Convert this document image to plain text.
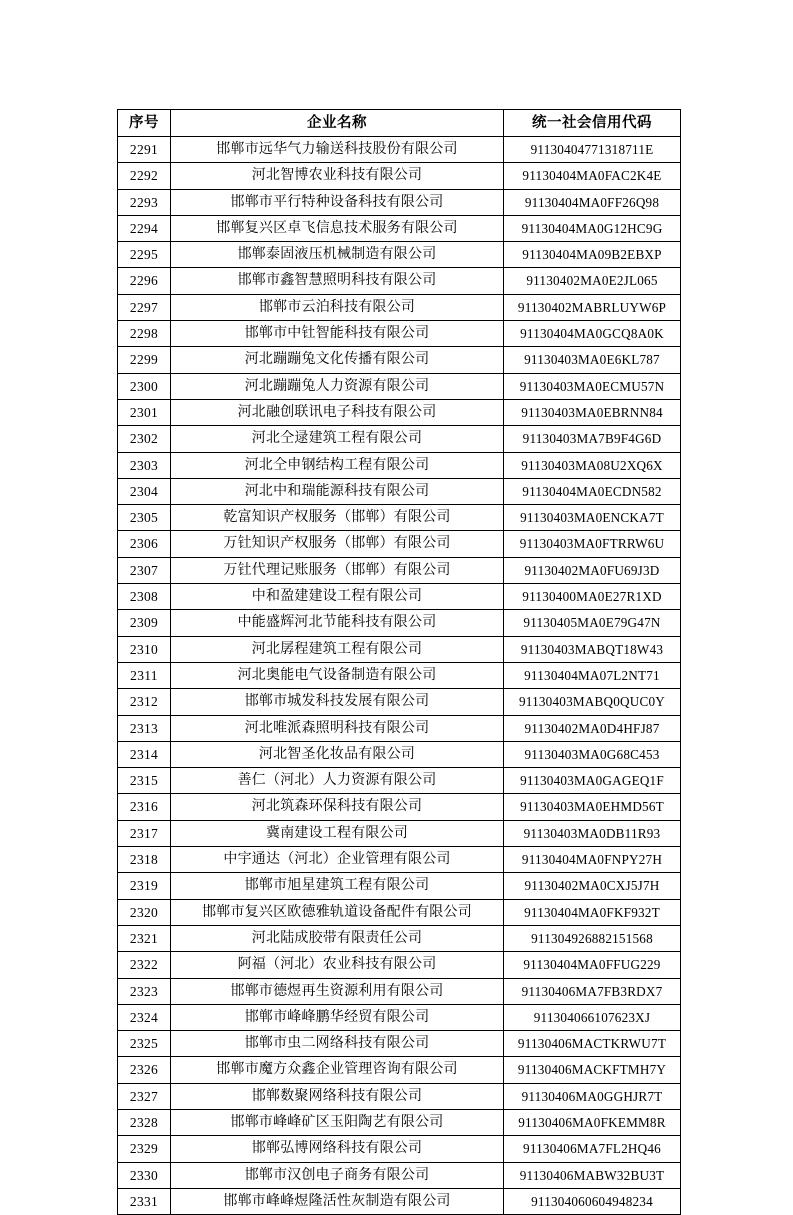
序号	企业名称	统一社会信用代码
2291	邯郸市远华气力输送科技股份有限公司	91130404771318711E
2292	河北智博农业科技有限公司	91130404MA0FAC2K4E
2293	邯郸市平行特种设备科技有限公司	91130404MA0FF26Q98
2294	邯郸复兴区卓飞信息技术服务有限公司	91130404MA0G12HC9G
2295	邯郸泰固液压机械制造有限公司	91130404MA09B2EBXP
2296	邯郸市鑫智慧照明科技有限公司	91130402MA0E2JL065
2297	邯郸市云泊科技有限公司	91130402MABRLUYW6P
2298	邯郸市中钍智能科技有限公司	91130404MA0GCQ8A0K
2299	河北蹦蹦兔文化传播有限公司	91130403MA0E6KL787
2300	河北蹦蹦兔人力资源有限公司	91130403MA0ECMU57N
2301	河北融创联讯电子科技有限公司	91130403MA0EBRNN84
2302	河北仝逯建筑工程有限公司	91130403MA7B9F4G6D
2303	河北仝申钢结构工程有限公司	91130403MA08U2XQ6X
2304	河北中和瑞能源科技有限公司	91130404MA0ECDN582
2305	乾富知识产权服务（邯郸）有限公司	91130403MA0ENCKA7T
2306	万钍知识产权服务（邯郸）有限公司	91130403MA0FTRRW6U
2307	万钍代理记账服务（邯郸）有限公司	91130402MA0FU69J3D
2308	中和盈建建设工程有限公司	91130400MA0E27R1XD
2309	中能盛辉河北节能科技有限公司	91130405MA0E79G47N
2310	河北孱程建筑工程有限公司	91130403MABQT18W43
2311	河北奥能电气设备制造有限公司	91130404MA07L2NT71
2312	邯郸市城发科技发展有限公司	91130403MABQ0QUC0Y
2313	河北唯派森照明科技有限公司	91130402MA0D4HFJ87
2314	河北智圣化妆品有限公司	91130403MA0G68C453
2315	善仁（河北）人力资源有限公司	91130403MA0GAGEQ1F
2316	河北筑森环保科技有限公司	91130403MA0EHMD56T
2317	冀南建设工程有限公司	91130403MA0DB11R93
2318	中宇通达（河北）企业管理有限公司	91130404MA0FNPY27H
2319	邯郸市旭星建筑工程有限公司	91130402MA0CXJ5J7H
2320	邯郸市复兴区欧德雅轨道设备配件有限公司	91130404MA0FKF932T
2321	河北陆成胶带有限责任公司	911304926882151568
2322	阿福（河北）农业科技有限公司	91130404MA0FFUG229
2323	邯郸市德煜再生资源利用有限公司	91130406MA7FB3RDX7
2324	邯郸市峰峰鹏华经贸有限公司	911304066107623XJ
2325	邯郸市虫二网络科技有限公司	91130406MACTKRWU7T
2326	邯郸市魔方众鑫企业管理咨询有限公司	91130406MACKFTMH7Y
2327	邯郸数聚网络科技有限公司	91130406MA0GGHJR7T
2328	邯郸市峰峰矿区玉阳陶艺有限公司	91130406MA0FKEMM8R
2329	邯郸弘博网络科技有限公司	91130406MA7FL2HQ46
2330	邯郸市汉创电子商务有限公司	91130406MABW32BU3T
2331	邯郸市峰峰煜隆活性灰制造有限公司	911304060604948234
